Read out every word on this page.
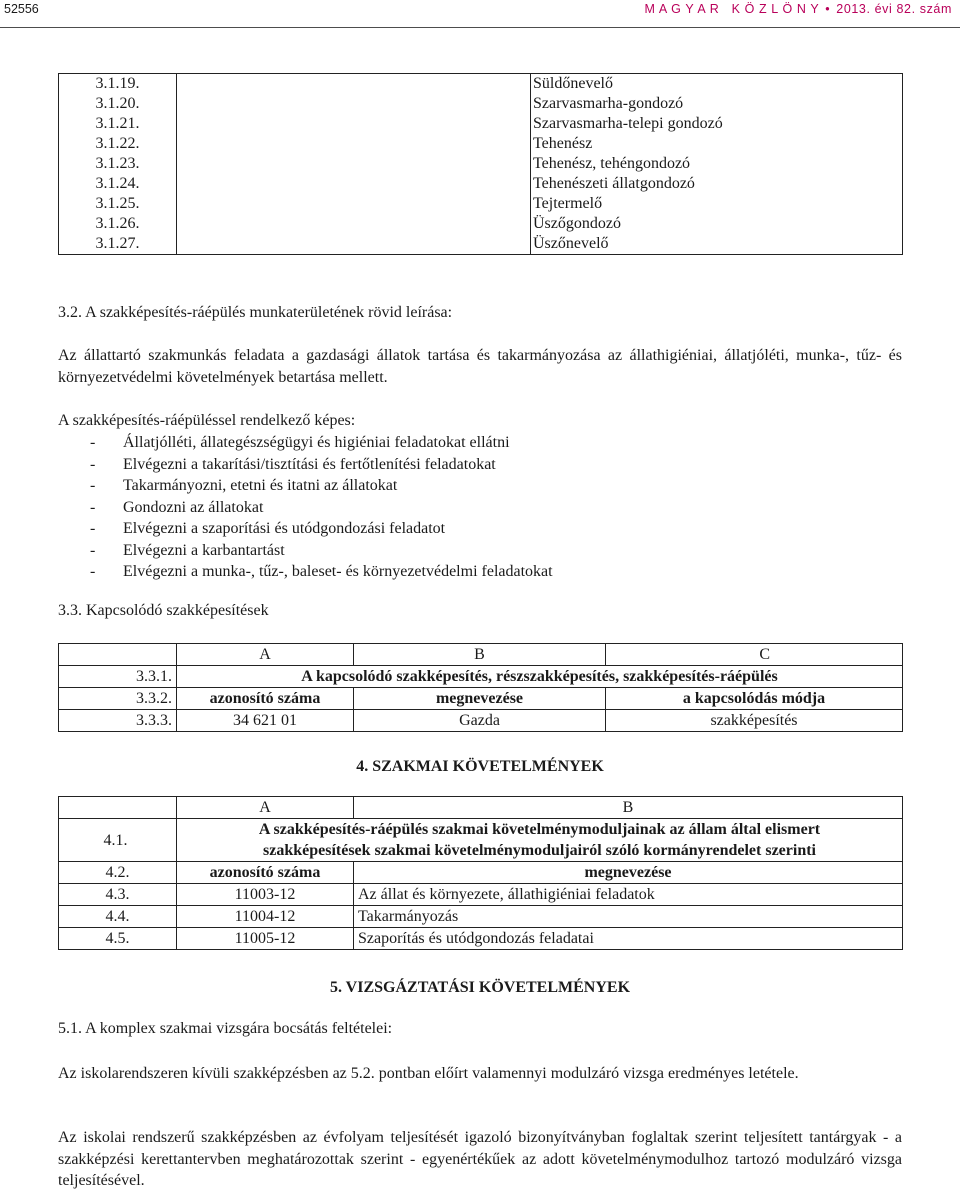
52556	M A G Y A R   K Ö Z L Ö N Y • 2013. évi 82. szám
3.1.19.		Süldőnevelő
3.1.20.		Szarvasmarha-gondozó
3.1.21.		Szarvasmarha-telepi gondozó
3.1.22.		Tehenész
3.1.23.		Tehenész, tehéngondozó
3.1.24.		Tehenészeti állatgondozó
3.1.25.		Tejtermelő
3.1.26.		Üszőgondozó
3.1.27.		Üszőnevelő
3.2. A szakképesítés-ráépülés munkaterületének rövid leírása:
Az állattartó szakmunkás feladata a gazdasági állatok tartása és takarmányozása az állathigiéniai, állatjóléti, munka-, tűz- és környezetvédelmi követelmények betartása mellett.
A szakképesítés-ráépüléssel rendelkező képes:
- Állatjólléti, állategészségügyi és higiéniai feladatokat ellátni
- Elvégezni a takarítási/tisztítási és fertőtlenítési feladatokat
- Takarmányozni, etetni és itatni az állatokat
- Gondozni az állatokat
- Elvégezni a szaporítási és utódgondozási feladatot
- Elvégezni a karbantartást
- Elvégezni a munka-, tűz-, baleset- és környezetvédelmi feladatokat
3.3. Kapcsolódó szakképesítések
	A	B	C
3.3.1.	A kapcsolódó szakképesítés, részszakképesítés, szakképesítés-ráépülés		
3.3.2.	azonosító száma	megnevezése	a kapcsolódás módja
3.3.3.	34 621 01	Gazda	szakképesítés
4. SZAKMAI KÖVETELMÉNYEK
	A	B
4.1.	A szakképesítés-ráépülés szakmai követelménymoduljainak az állam által elismert
szakképesítések szakmai követelménymoduljairól szóló kormányrendelet szerinti	

4.2.	azonosító száma	megnevezése
4.3.	11003-12	Az állat és környezete, állathigiéniai feladatok
4.4.	11004-12	Takarmányozás
4.5.	11005-12	Szaporítás és utódgondozás feladatai
5. VIZSGÁZTATÁSI KÖVETELMÉNYEK
5.1. A komplex szakmai vizsgára bocsátás feltételei:
Az iskolarendszeren kívüli szakképzésben az 5.2. pontban előírt valamennyi modulzáró vizsga eredményes letétele.
Az iskolai rendszerű szakképzésben az évfolyam teljesítését igazoló bizonyítványban foglaltak szerint teljesített tantárgyak - a szakképzési kerettantervben meghatározottak szerint - egyenértékűek az adott követelménymodulhoz tartozó modulzáró vizsga teljesítésével.
